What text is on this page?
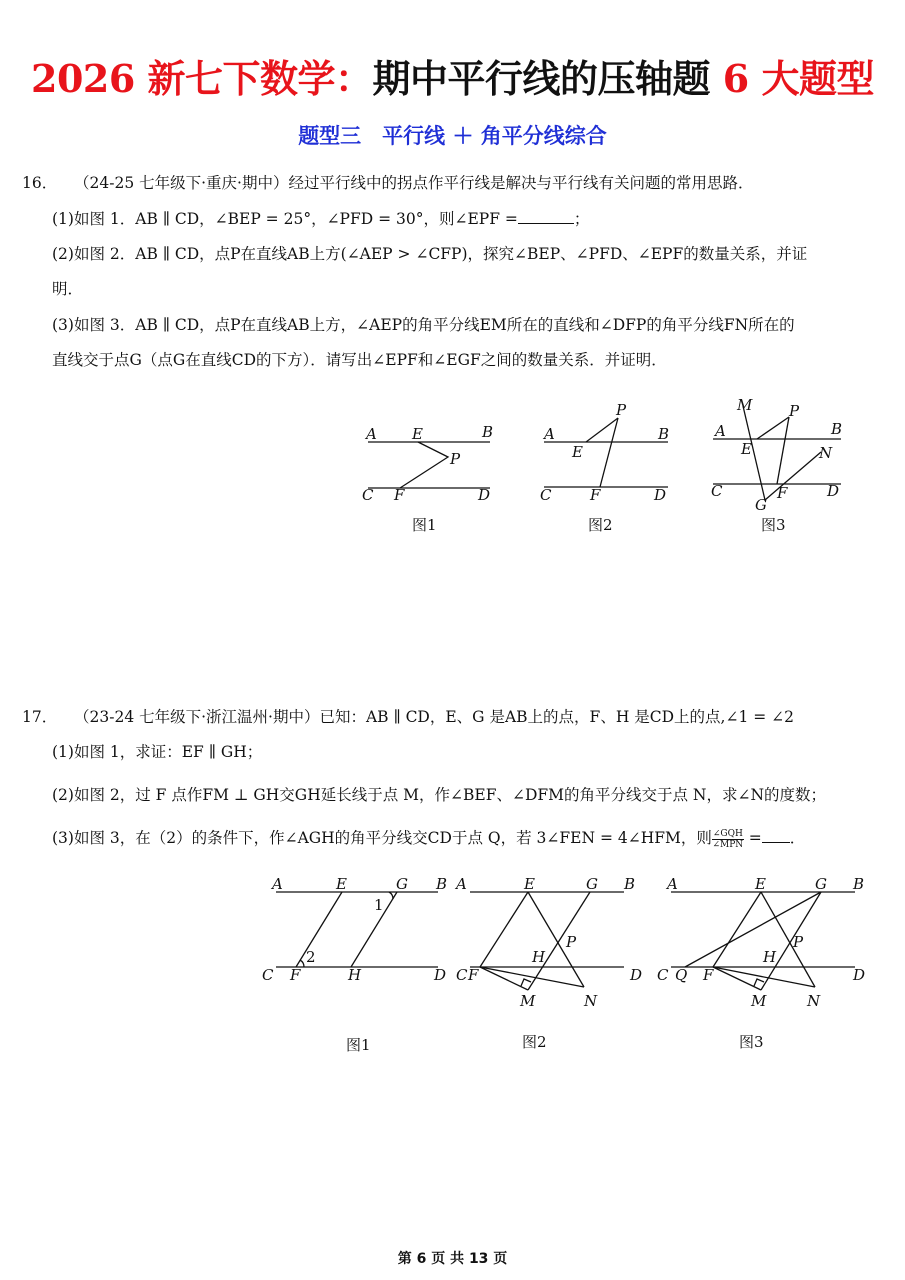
2026 新七下数学：期中平行线的压轴题 6 大题型
题型三　平行线 ＋ 角平分线综合
16． （24-25 七年级下·重庆·期中）经过平行线中的拐点作平行线是解决与平行线有关问题的常用思路．
(1)如图 1．AB ∥ CD，∠BEP = 25°，∠PFD = 30°，则∠EPF =	；
(2)如图 2．AB ∥ CD，点P在直线AB上方(∠AEP > ∠CFP)，探究∠BEP、∠PFD、∠EPF的数量关系，并证
明．
(3)如图 3．AB ∥ CD，点P在直线AB上方，∠AEP的角平分线EM所在的直线和∠DFP的角平分线FN所在的
直线交于点G（点G在直线CD的下方）．请写出∠EPF和∠EGF之间的数量关系．并证明．
A E	B
P
C F	D
图1
P
A	B
E
C	F	D
图2
M P
A	B
E	N
C
G
F	D
图3
17． （23-24 七年级下·浙江温州·期中）已知：AB ∥ CD，E、G 是AB上的点，F、H 是CD上的点,∠1 = ∠2
(1)如图 1，求证：EF ∥ GH；
(2)如图 2，过 F 点作FM ⊥ GH交GH延长线于点 M，作∠BEF、∠DFM的角平分线交于点 N，求∠N的度数；
(3)如图 3，在（2）的条件下，作∠AGH的角平分线交CD于点 Q，若 3∠FEN = 4∠HFM，则 $\frac{\text{∠GQH}}{\text{∠MPN}}$ = ．
A	E	G B
1
2
C F	H	D
图1
A	E	G B
P
H
C F	D
M	N
图2
A	E	G B
P
H
C Q F	D
M	N
图3
第 6 页 共 13 页
